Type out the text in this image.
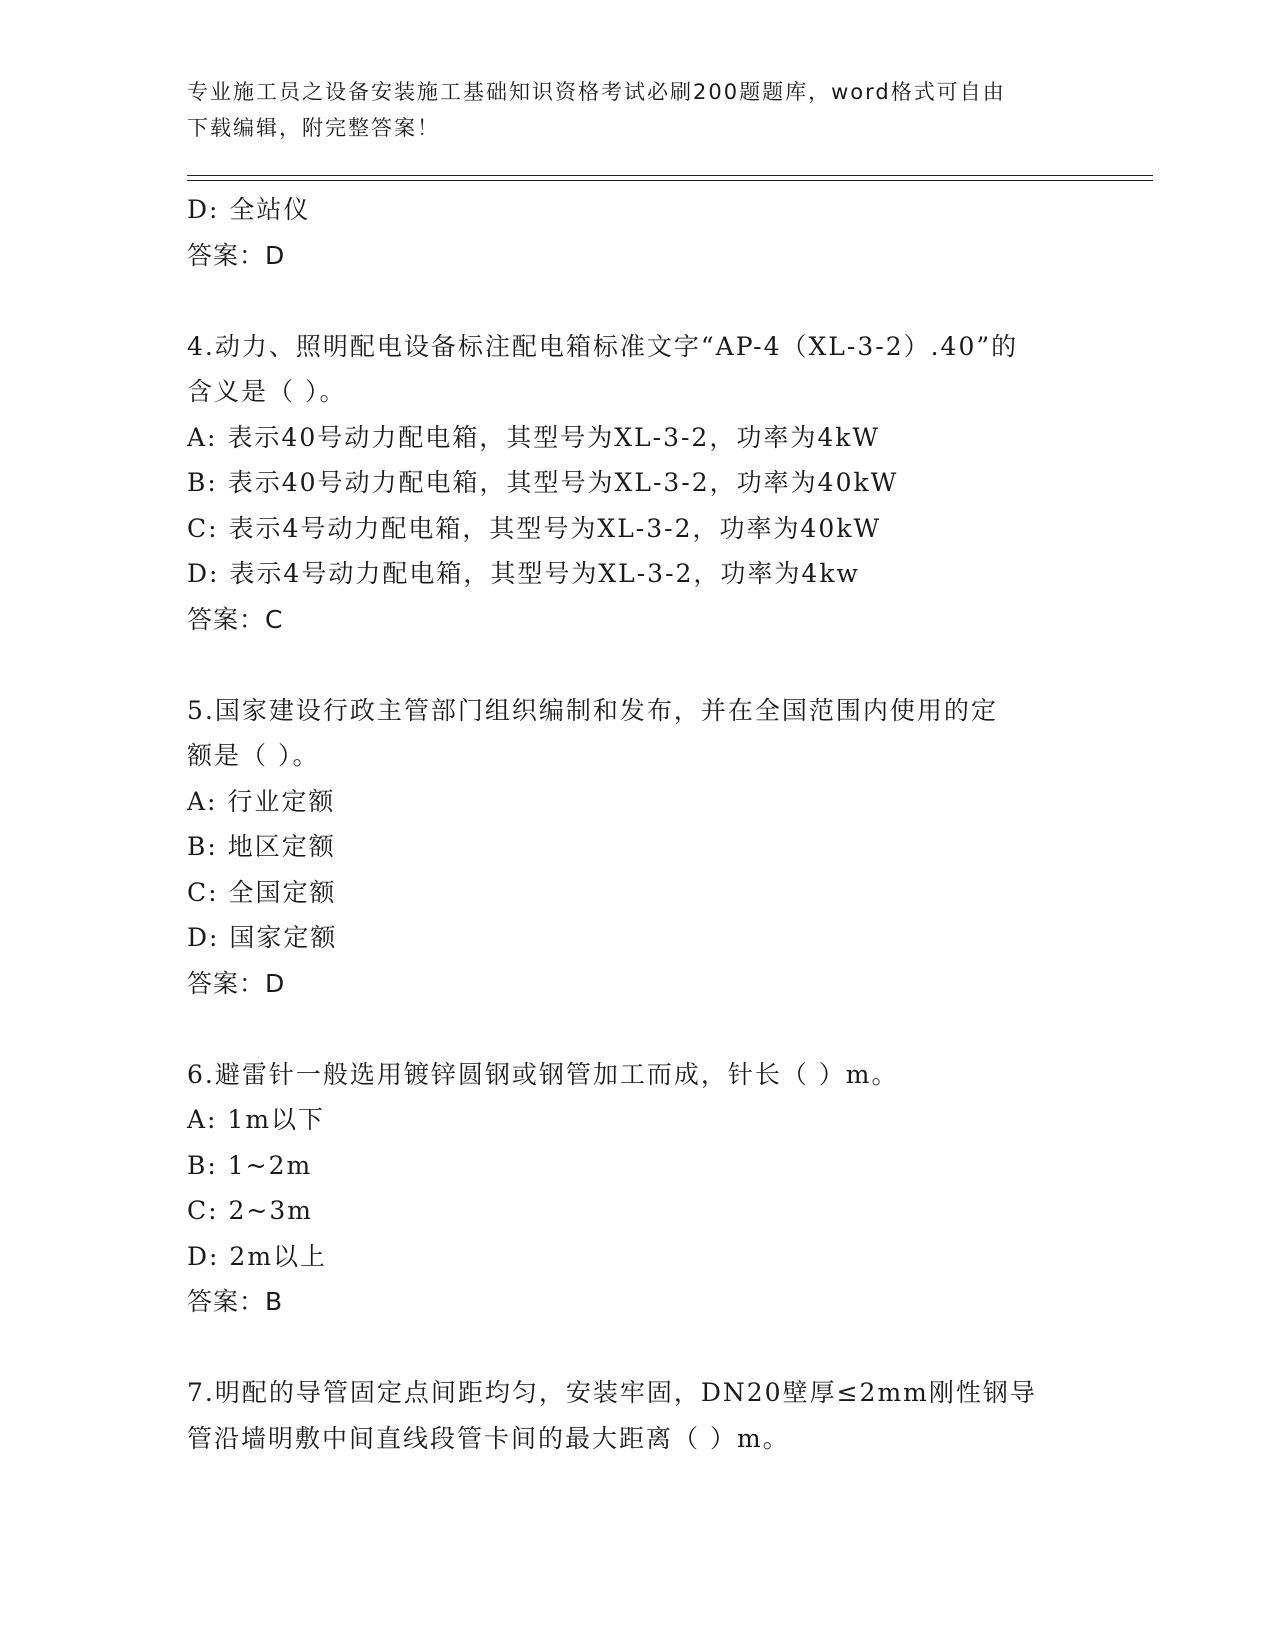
专业施工员之设备安装施工基础知识资格考试必刷200题题库，word格式可自由
下载编辑，附完整答案！
D: 全站仪
答案：D
4.动力、照明配电设备标注配电箱标准文字“AP-4（XL-3-2）.40”的
含义是（ ）。
A: 表示40号动力配电箱，其型号为XL-3-2，功率为4kW
B: 表示40号动力配电箱，其型号为XL-3-2，功率为40kW
C: 表示4号动力配电箱，其型号为XL-3-2，功率为40kW
D: 表示4号动力配电箱，其型号为XL-3-2，功率为4kw
答案：C
5.国家建设行政主管部门组织编制和发布，并在全国范围内使用的定
额是（ ）。
A: 行业定额
B: 地区定额
C: 全国定额
D: 国家定额
答案：D
6.避雷针一般选用镀锌圆钢或钢管加工而成，针长（ ）m。
A: 1m以下
B: 1~2m
C: 2~3m
D: 2m以上
答案：B
7.明配的导管固定点间距均匀，安装牢固，DN20壁厚≤2mm刚性钢导
管沿墙明敷中间直线段管卡间的最大距离（ ）m。
